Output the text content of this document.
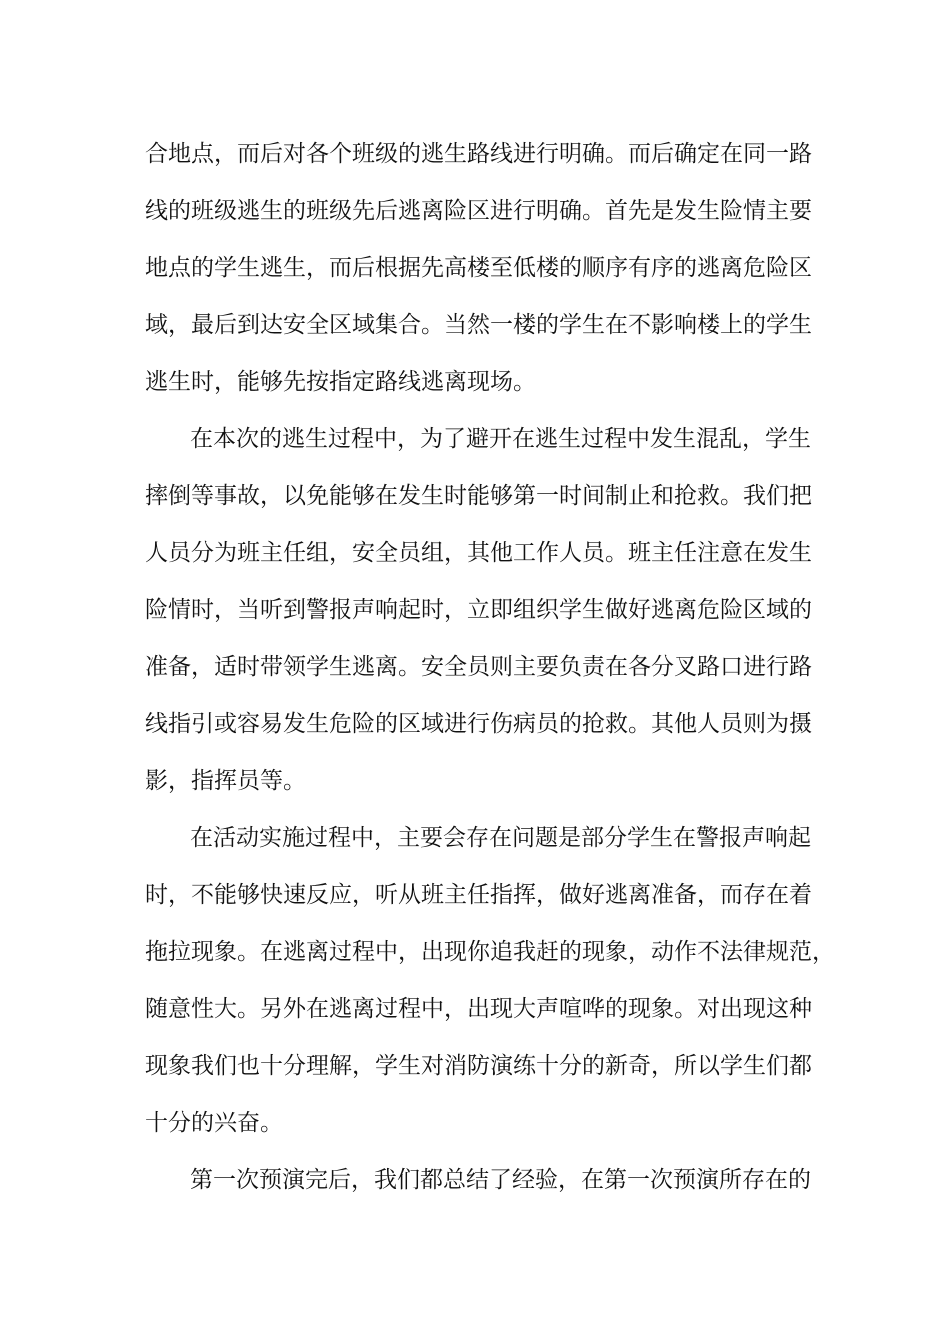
合地点，而后对各个班级的逃生路线进行明确。而后确定在同一路
线的班级逃生的班级先后逃离险区进行明确。首先是发生险情主要
地点的学生逃生，而后根据先高楼至低楼的顺序有序的逃离危险区
域，最后到达安全区域集合。当然一楼的学生在不影响楼上的学生
逃生时，能够先按指定路线逃离现场。
在本次的逃生过程中，为了避开在逃生过程中发生混乱，学生
摔倒等事故，以免能够在发生时能够第一时间制止和抢救。我们把
人员分为班主任组，安全员组，其他工作人员。班主任注意在发生
险情时，当听到警报声响起时，立即组织学生做好逃离危险区域的
准备，适时带领学生逃离。安全员则主要负责在各分叉路口进行路
线指引或容易发生危险的区域进行伤病员的抢救。其他人员则为摄
影，指挥员等。
在活动实施过程中，主要会存在问题是部分学生在警报声响起
时，不能够快速反应，听从班主任指挥，做好逃离准备，而存在着
拖拉现象。在逃离过程中，出现你追我赶的现象，动作不法律规范，
随意性大。另外在逃离过程中，出现大声喧哗的现象。对出现这种
现象我们也十分理解，学生对消防演练十分的新奇，所以学生们都
十分的兴奋。
第一次预演完后，我们都总结了经验，在第一次预演所存在的
